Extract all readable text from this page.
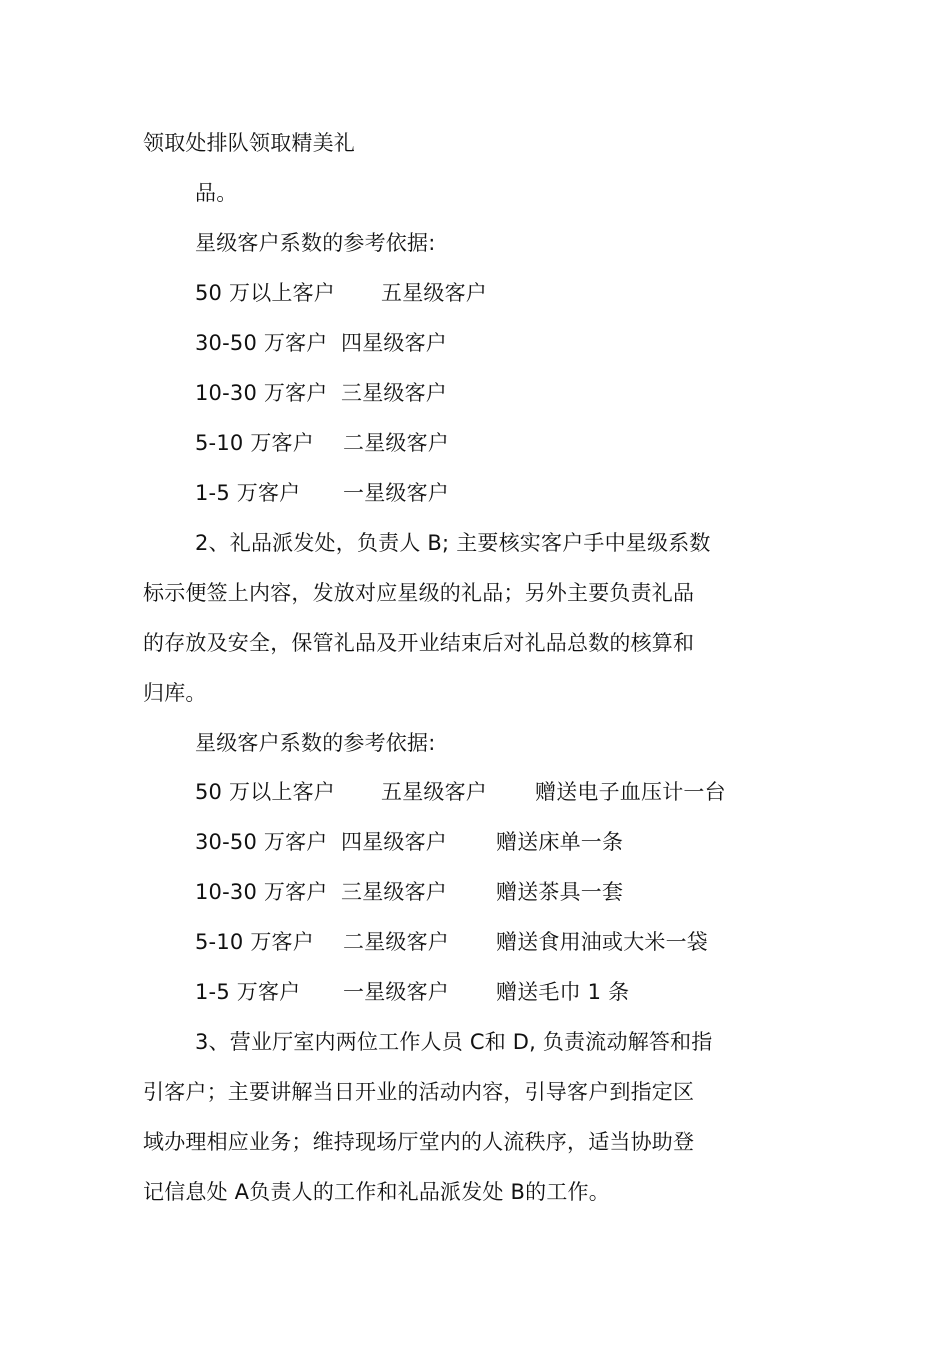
领取处排队领取精美礼
品。
星级客户系数的参考依据:
50 万以上客户 五星级客户
30-50 万客户 四星级客户
10-30 万客户 三星级客户
5-10 万客户 二星级客户
1-5 万客户 一星级客户
2、礼品派发处，负责人 B; 主要核实客户手中星级系数
标示便签上内容，发放对应星级的礼品；另外主要负责礼品
的存放及安全，保管礼品及开业结束后对礼品总数的核算和
归库。
星级客户系数的参考依据:
50 万以上客户 五星级客户 赠送电子血压计一台
30-50 万客户 四星级客户 赠送床单一条
10-30 万客户 三星级客户 赠送茶具一套
5-10 万客户 二星级客户 赠送食用油或大米一袋
1-5 万客户 一星级客户 赠送毛巾 1 条
3、营业厅室内两位工作人员 C和 D, 负责流动解答和指
引客户；主要讲解当日开业的活动内容，引导客户到指定区
域办理相应业务；维持现场厅堂内的人流秩序，适当协助登
记信息处 A负责人的工作和礼品派发处 B的工作。
